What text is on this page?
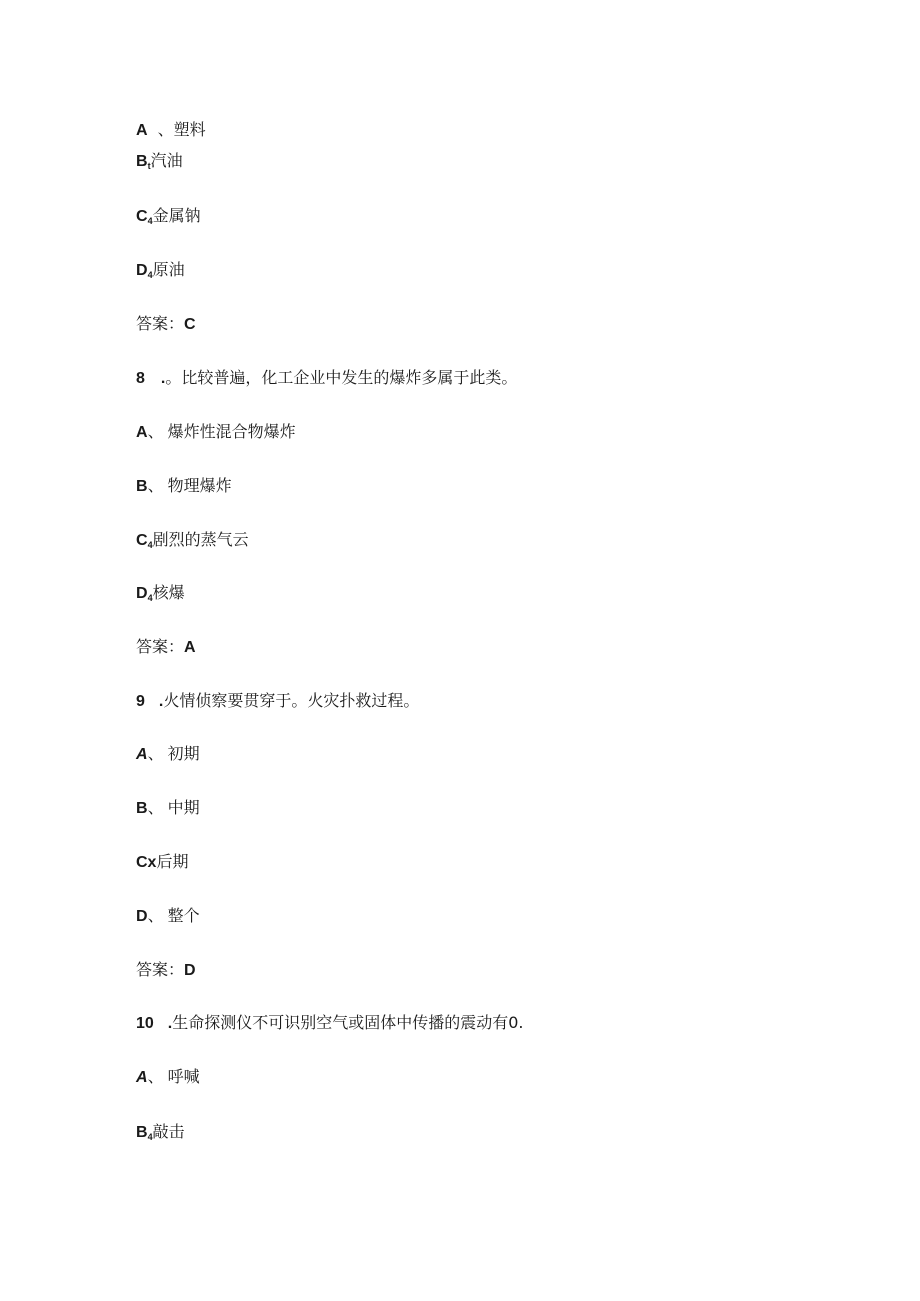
A 、塑料
$B_t$汽油
$C_4$金属钠
$D_4$原油
答案：C
8 .。比较普遍，化工企业中发生的爆炸多属于此类。
A、 爆炸性混合物爆炸
B、 物理爆炸
$C_4$剧烈的蒸气云
$D_4$核爆
答案：A
9 .火情侦察要贯穿于。火灾扑救过程。
A、 初期
B、 中期
Cx后期
D、 整个
答案：D
10 .生命探测仪不可识别空气或固体中传播的震动有0.
A、 呼喊
$B_4$敲击
